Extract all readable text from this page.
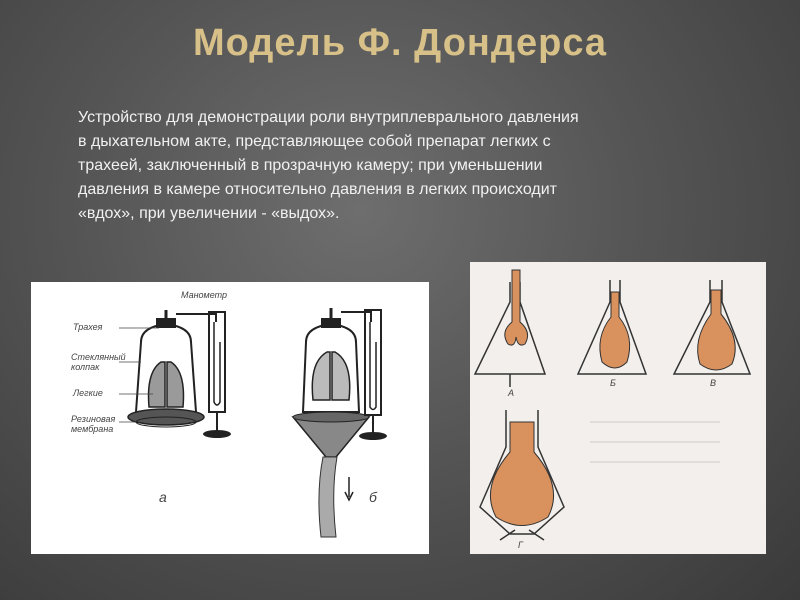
Модель Ф. Дондерса
Устройство для демонстрации роли внутриплеврального давления
в дыхательном акте, представляющее собой препарат легких с
трахеей, заключенный в прозрачную камеру; при уменьшении
давления в камере относительно давления в легких происходит
«вдох», при увеличении - «выдох».
Манометр
Трахея
Стеклянный
колпак
Легкие
Резиновая
мембрана
а	б
А
Б	В
Г
